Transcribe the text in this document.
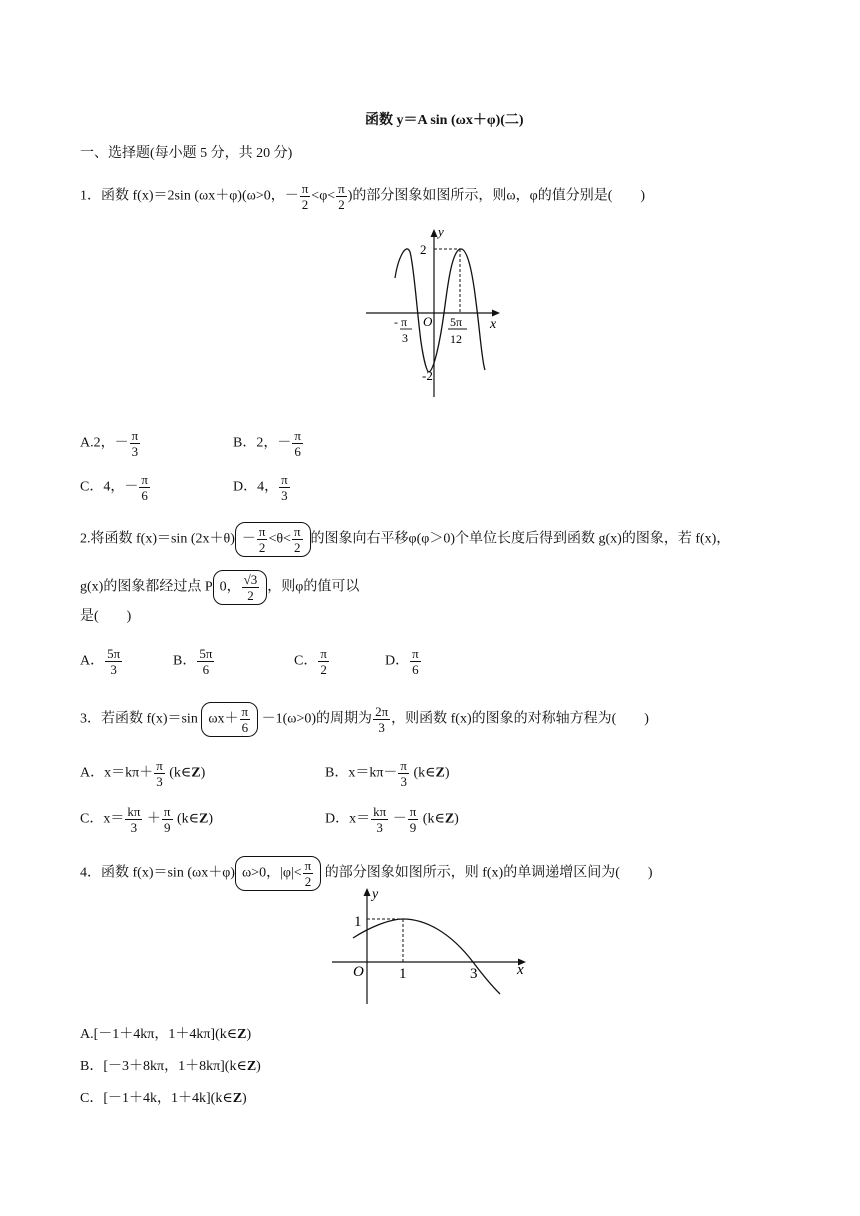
函数 y＝A sin (ωx＋φ)(二)
一、选择题(每小题 5 分，共 20 分)
1．函数 f(x)＝2sin (ωx＋φ)(ω>0，－ $\frac{\pi}{2} <\varphi< \frac{\pi}{2}$ )的部分图象如图所示，则ω，φ的值分别是(　　)
y
x
2
-2
O
- π
3
5π
12
A.2，－ $\frac{\pi}{3}$	B．2，－ $\frac{\pi}{6}$
C．4，－ $\frac{\pi}{6}$	D．4， $\frac{\pi}{3}$
2.将函数 f(x)＝sin $(2x+\theta) - \frac{\pi}{2} <\theta< \frac{\pi}{2}$ 的图象向右平移φ(φ＞0)个单位长度后得到函数 g(x)的图象，若 f(x)，
g(x)的图象都经过点 P 0， $\frac{√3}{2}$ ，则φ的值可以
是(　　)
A． $\frac{5\pi}{3}$	B． $\frac{5\pi}{6}$	C． $\frac{\pi}{2}$	D． $\frac{\pi}{6}$
3．若函数 f(x)＝sin $\omega x+ \frac{\pi}{6} -1(\omega>0)$的周期为 $\frac{2\pi}{3}$ ，则函数 f(x)的图象的对称轴方程为(　　)
A．$x=k\pi+ \frac{\pi}{3}$ (k∈Z)	B．$x=k\pi- \frac{\pi}{3}$ (k∈Z)
C．$x= \frac{k\pi}{3} + \frac{\pi}{9}$ (k∈Z)	D．$x= \frac{k\pi}{3} - \frac{\pi}{9}$ (k∈Z)
4．函数 f(x)＝sin (ωx＋φ) ω>0，$|\varphi|< \frac{\pi}{2}$ 的部分图象如图所示，则 f(x)的单调递增区间为(　　)
y
x
1
O 1	3
A.[－1＋4kπ，1＋4kπ](k∈Z)
B．[－3＋8kπ，1＋8kπ](k∈Z)
C．[－1＋4k，1＋4k](k∈Z)
